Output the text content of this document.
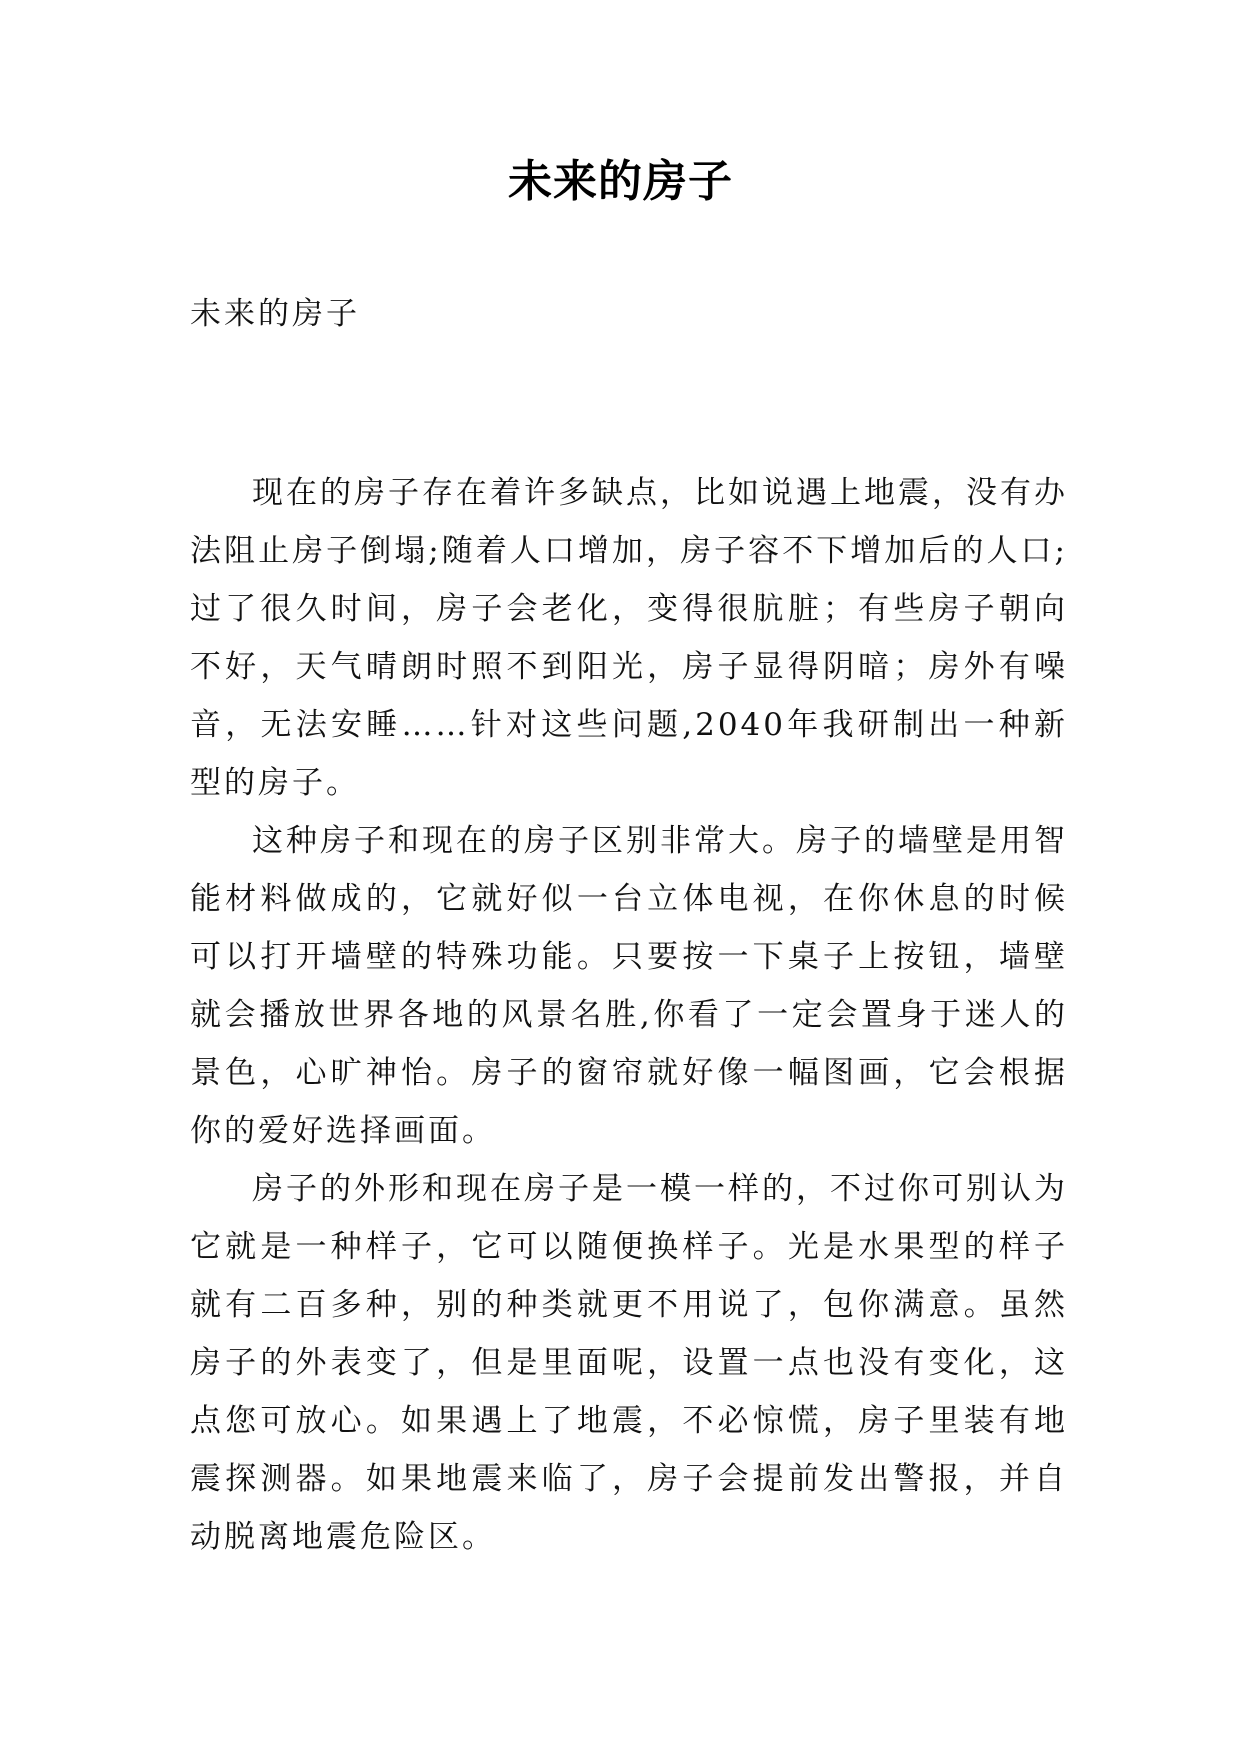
未来的房子
未来的房子

现在的房子存在着许多缺点，比如说遇上地震，没有办法阻止房子倒塌;随着人口增加，房子容不下增加后的人口;过了很久时间，房子会老化，变得很肮脏；有些房子朝向不好，天气晴朗时照不到阳光，房子显得阴暗；房外有噪音，无法安睡……针对这些问题,2040年我研制出一种新型的房子。

这种房子和现在的房子区别非常大。房子的墙壁是用智能材料做成的，它就好似一台立体电视，在你休息的时候可以打开墙壁的特殊功能。只要按一下桌子上按钮，墙壁就会播放世界各地的风景名胜,你看了一定会置身于迷人的景色，心旷神怡。房子的窗帘就好像一幅图画，它会根据你的爱好选择画面。

房子的外形和现在房子是一模一样的，不过你可别认为它就是一种样子，它可以随便换样子。光是水果型的样子就有二百多种，别的种类就更不用说了，包你满意。虽然房子的外表变了，但是里面呢，设置一点也没有变化，这点您可放心。如果遇上了地震，不必惊慌，房子里装有地震探测器。如果地震来临了，房子会提前发出警报，并自动脱离地震危险区。
